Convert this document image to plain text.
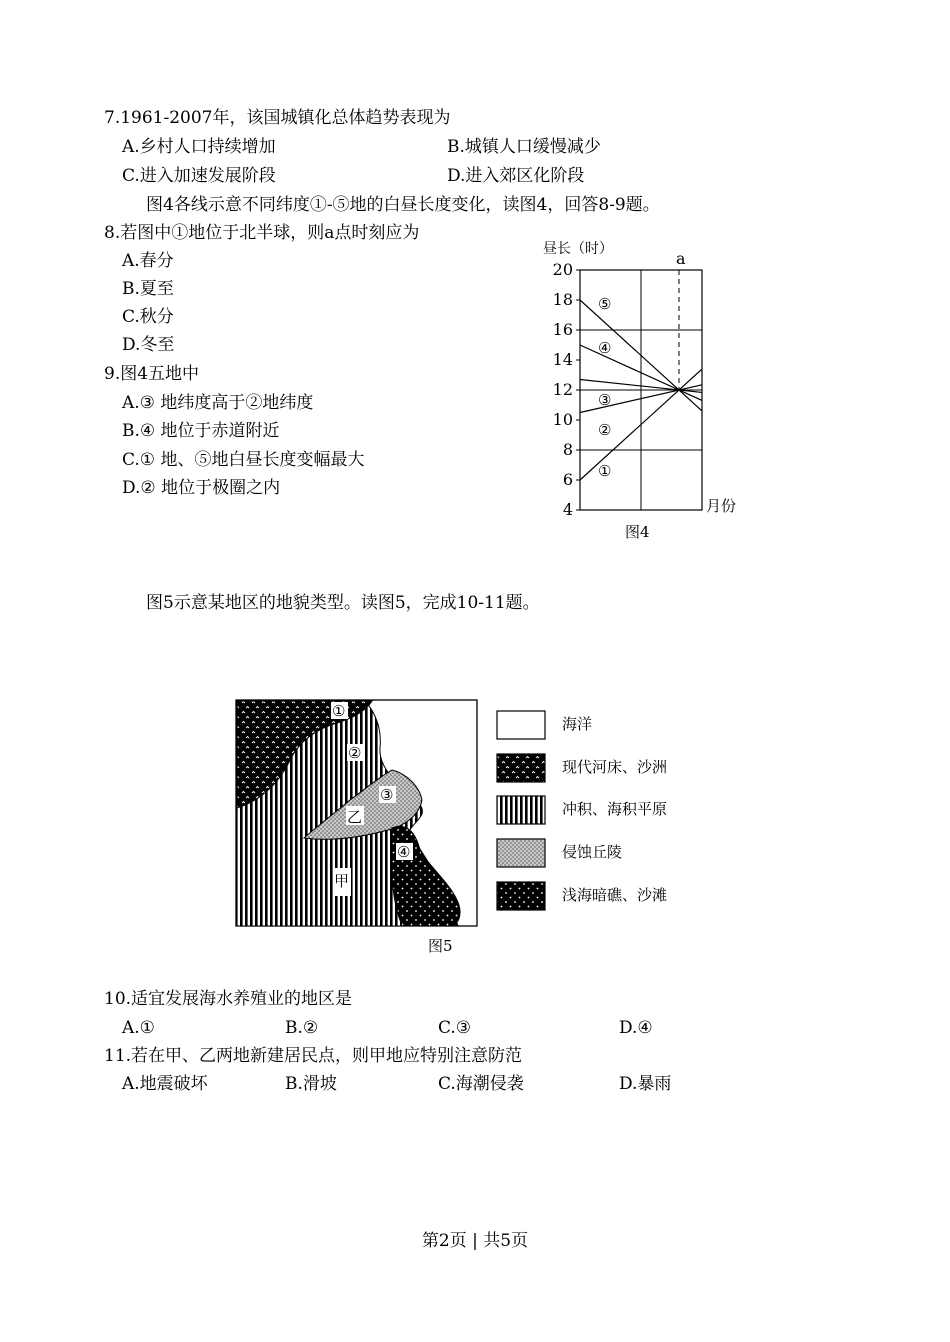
7.1961-2007年，该国城镇化总体趋势表现为
A.乡村人口持续增加	B.城镇人口缓慢减少
C.进入加速发展阶段	D.进入郊区化阶段
图4各线示意不同纬度①-⑤地的白昼长度变化，读图4，回答8-9题。
8.若图中①地位于北半球，则a点时刻应为
A.春分
B.夏至
C.秋分
D.冬至
9.图4五地中
A.③ 地纬度高于②地纬度
B.④ 地位于赤道附近
C.① 地、⑤地白昼长度变幅最大
D.② 地位于极圈之内
昼长（时）	a
20
18
16
14
12
10
8
6
4
⑤
④
③
②
①
月份
图4
图5示意某地区的地貌类型。读图5，完成10-11题。
①
②
③
④
乙
甲
海洋
现代河床、沙洲
冲积、海积平原
侵蚀丘陵
浅海暗礁、沙滩
图5
10.适宜发展海水养殖业的地区是
A.①	B.②	C.③	D.④
11.若在甲、乙两地新建居民点，则甲地应特别注意防范
A.地震破坏	B.滑坡	C.海潮侵袭	D.暴雨
第2页 | 共5页
